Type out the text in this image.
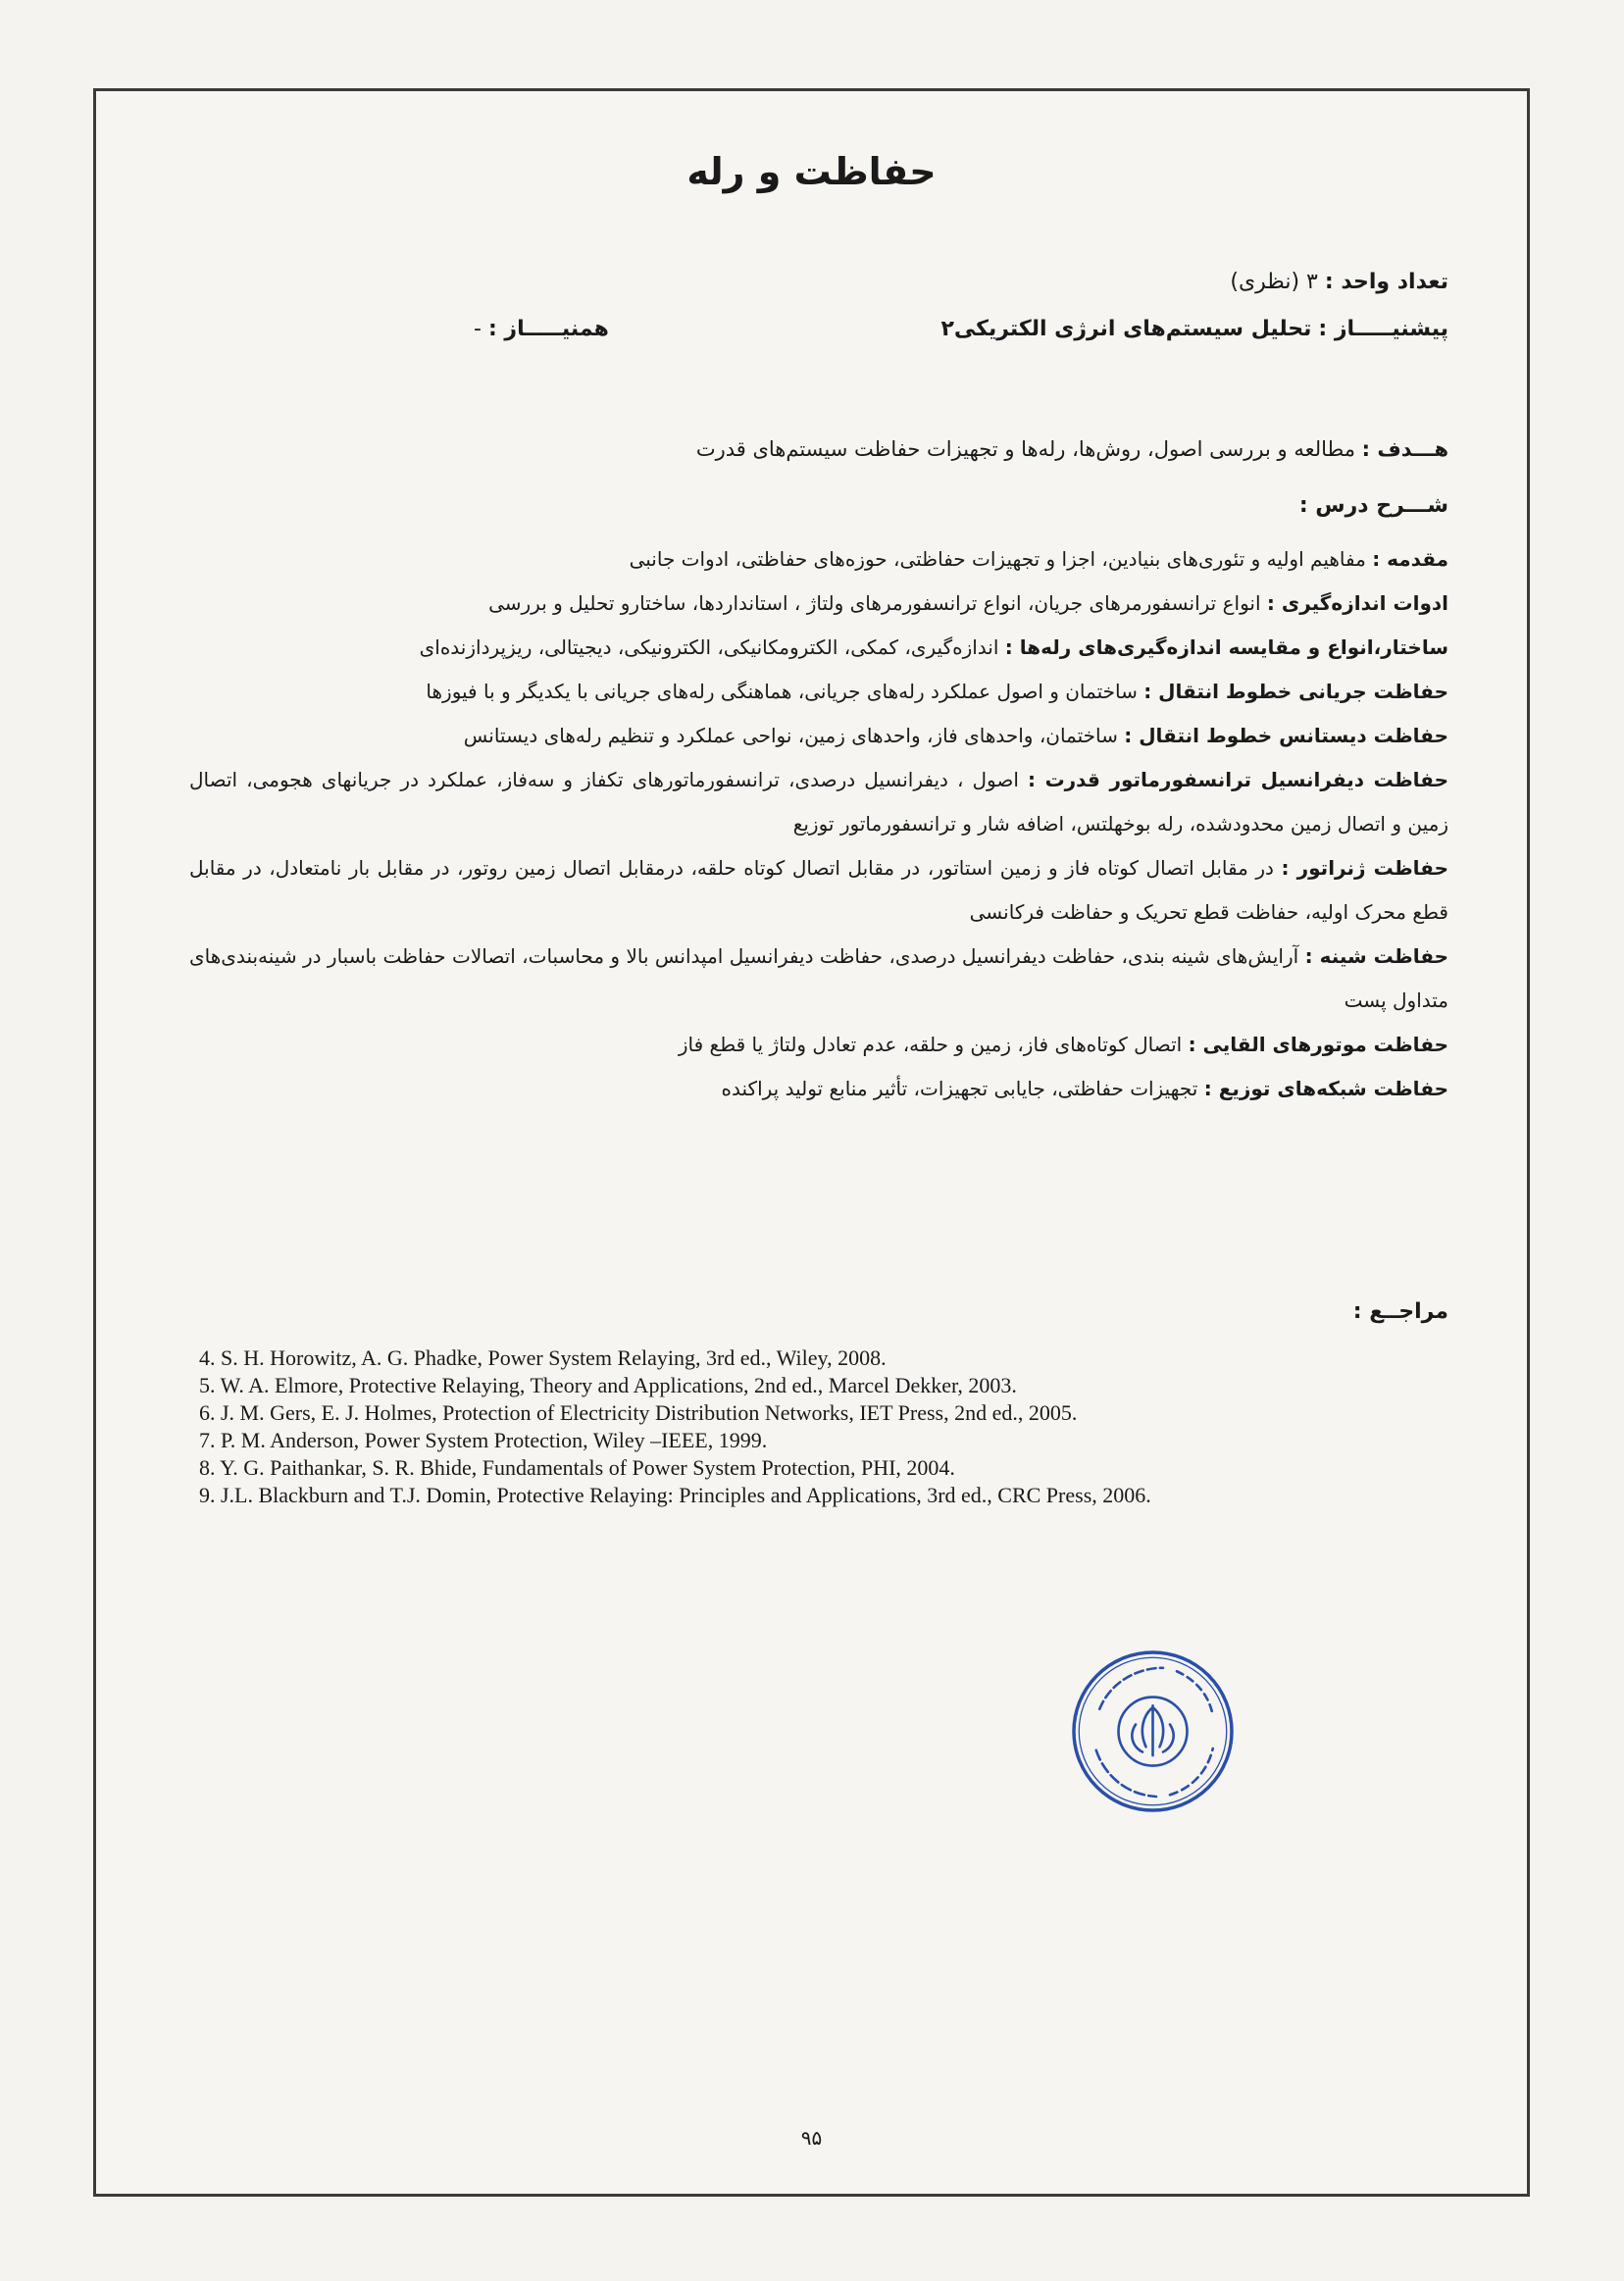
حفاظت و رله
تعداد واحد : ۳ (نظری)
پیشنیـــــاز : تحلیل سیستم‌های انرژی الکتریکی۲
همنیـــــاز : -
هـــدف : مطالعه و بررسی اصول، روش‌ها، رله‌ها و تجهیزات حفاظت سیستم‌های قدرت
شـــرح درس :

مقدمه : مفاهیم اولیه و تئوری‌های بنیادین، اجزا و تجهیزات حفاظتی، حوزه‌های حفاظتی، ادوات جانبی

ادوات اندازه‌گیری : انواع ترانسفورمرهای جریان، انواع ترانسفورمرهای ولتاژ ، استانداردها، ساختارو تحلیل و بررسی

ساختار،انواع و مقایسه اندازه‌گیری‌های رله‌ها : اندازه‌گیری، کمکی، الکترومکانیکی، الکترونیکی، دیجیتالی، ریزپردازنده‌ای

حفاظت جریانی خطوط انتقال : ساختمان و اصول عملکرد رله‌های جریانی، هماهنگی رله‌های جریانی با یکدیگر و با فیوزها

حفاظت دیستانس خطوط انتقال : ساختمان، واحدهای فاز، واحدهای زمین، نواحی عملکرد و تنظیم رله‌های دیستانس

حفاظت دیفرانسیل ترانسفورماتور قدرت : اصول ، دیفرانسیل درصدی، ترانسفورماتورهای تکفاز و سه‌فاز، عملکرد در جریانهای هجومی، اتصال زمین و اتصال زمین محدودشده، رله بوخهلتس، اضافه شار و ترانسفورماتور توزیع

حفاظت ژنراتور : در مقابل اتصال کوتاه فاز و زمین استاتور، در مقابل اتصال کوتاه حلقه، درمقابل اتصال زمین روتور، در مقابل بار نامتعادل، در مقابل قطع محرک اولیه، حفاظت قطع تحریک و حفاظت فرکانسی

حفاظت شینه : آرایش‌های شینه بندی، حفاظت دیفرانسیل درصدی، حفاظت دیفرانسیل امپدانس بالا و محاسبات، اتصالات حفاظت باسبار در شینه‌بندی‌های متداول پست

حفاظت موتورهای القایی : اتصال کوتاه‌های فاز، زمین و حلقه، عدم تعادل ولتاژ یا قطع فاز

حفاظت شبکه‌های توزیع : تجهیزات حفاظتی، جایابی تجهیزات، تأثیر منابع تولید پراکنده

مراجــع :
4. S. H. Horowitz, A. G. Phadke, Power System Relaying, 3rd ed., Wiley, 2008.
5. W. A. Elmore, Protective Relaying, Theory and Applications, 2nd ed., Marcel Dekker, 2003.
6. J. M. Gers, E. J. Holmes, Protection of Electricity Distribution Networks, IET Press, 2nd ed., 2005.
7. P. M. Anderson, Power System Protection, Wiley –IEEE, 1999.
8. Y. G. Paithankar, S. R. Bhide, Fundamentals of Power System Protection, PHI, 2004.
9. J.L. Blackburn and T.J. Domin, Protective Relaying: Principles and Applications, 3rd ed., CRC Press, 2006.
۹۵
